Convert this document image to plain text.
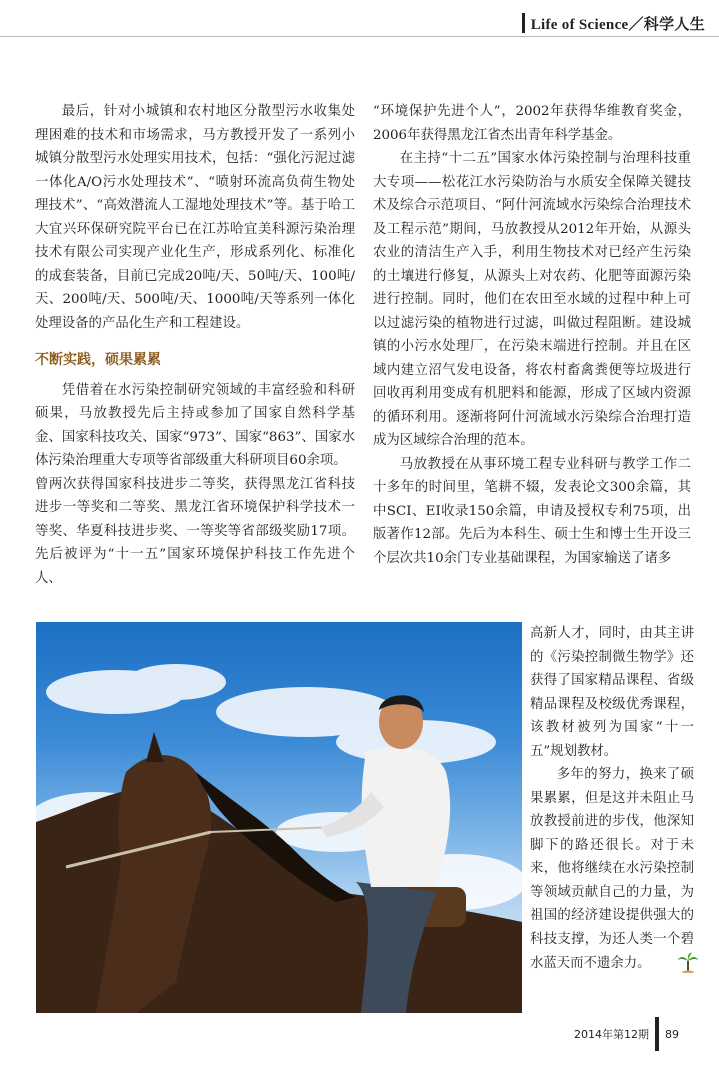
Life of Science／科学人生

最后，针对小城镇和农村地区分散型污水收集处理困难的技术和市场需求，马方教授开发了一系列小城镇分散型污水处理实用技术，包括：“强化污泥过滤一体化A/O污水处理技术”、“喷射环流高负荷生物处理技术”、“高效潜流人工湿地处理技术”等。基于哈工大宜兴环保研究院平台已在江苏哈宜美科源污染治理技术有限公司实现产业化生产，形成系列化、标准化的成套装备，目前已完成20吨/天、50吨/天、100吨/天、200吨/天、500吨/天、1000吨/天等系列一体化处理设备的产品化生产和工程建设。

不断实践，硕果累累

凭借着在水污染控制研究领域的丰富经验和科研硕果，马放教授先后主持或参加了国家自然科学基金、国家科技攻关、国家“973”、国家“863”、国家水体污染治理重大专项等省部级重大科研项目60余项。

曾两次获得国家科技进步二等奖，获得黑龙江省科技进步一等奖和二等奖、黑龙江省环境保护科学技术一等奖、华夏科技进步奖、一等奖等省部级奖励17项。先后被评为“十一五”国家环境保护科技工作先进个人、

“环境保护先进个人”，2002年获得华维教育奖金，2006年获得黑龙江省杰出青年科学基金。

在主持“十二五”国家水体污染控制与治理科技重大专项——松花江水污染防治与水质安全保障关键技术及综合示范项目、“阿什河流域水污染综合治理技术及工程示范”期间，马放教授从2012年开始，从源头农业的清洁生产入手，利用生物技术对已经产生污染的土壤进行修复，从源头上对农药、化肥等面源污染进行控制。同时，他们在农田至水域的过程中种上可以过滤污染的植物进行过滤，叫做过程阻断。建设城镇的小污水处理厂，在污染末端进行控制。并且在区域内建立沼气发电设备，将农村畜禽粪便等垃圾进行回收再利用变成有机肥料和能源，形成了区域内资源的循环利用。逐渐将阿什河流域水污染综合治理打造成为区域综合治理的范本。

马放教授在从事环境工程专业科研与教学工作二十多年的时间里，笔耕不辍，发表论文300余篇，其中SCI、EI收录150余篇，申请及授权专利75项，出版著作12部。先后为本科生、硕士生和博士生开设三个层次共10余门专业基础课程，为国家输送了诸多

高新人才，同时，由其主讲的《污染控制微生物学》还获得了国家精品课程、省级精品课程及校级优秀课程，该教材被列为国家“十一五”规划教材。

多年的努力，换来了硕果累累，但是这并未阻止马放教授前进的步伐，他深知脚下的路还很长。对于未来，他将继续在水污染控制等领域贡献自己的力量，为祖国的经济建设提供强大的科技支撑，为还人类一个碧水蓝天而不遗余力。

2014年第12期 89
